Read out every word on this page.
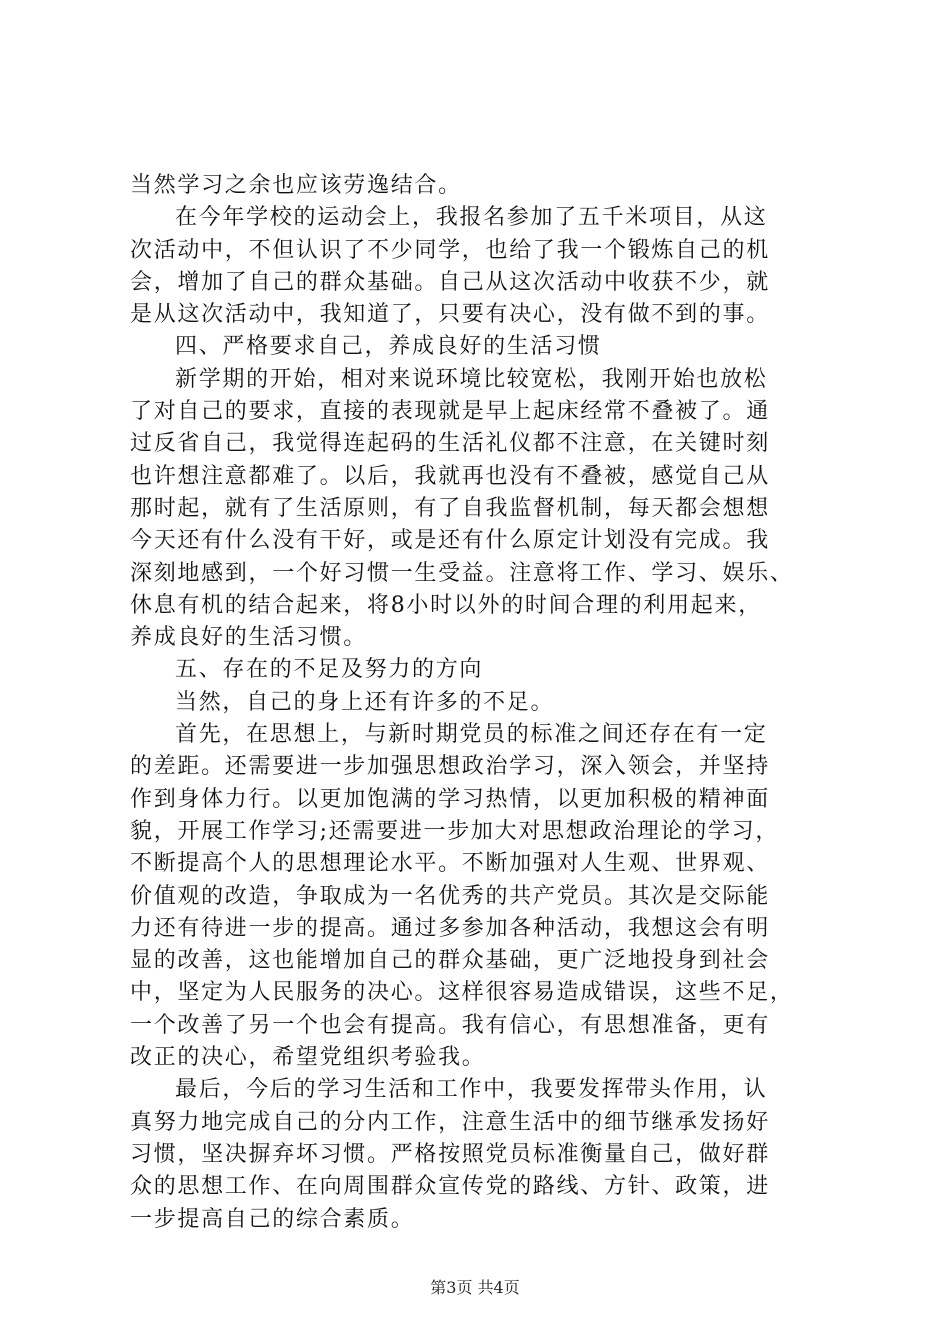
当然学习之余也应该劳逸结合。
在今年学校的运动会上，我报名参加了五千米项目，从这
次活动中，不但认识了不少同学，也给了我一个锻炼自己的机
会，增加了自己的群众基础。自己从这次活动中收获不少，就
是从这次活动中，我知道了，只要有决心，没有做不到的事。
四、严格要求自己，养成良好的生活习惯
新学期的开始，相对来说环境比较宽松，我刚开始也放松
了对自己的要求，直接的表现就是早上起床经常不叠被了。通
过反省自己，我觉得连起码的生活礼仪都不注意，在关键时刻
也许想注意都难了。以后，我就再也没有不叠被，感觉自己从
那时起，就有了生活原则，有了自我监督机制，每天都会想想
今天还有什么没有干好，或是还有什么原定计划没有完成。我
深刻地感到，一个好习惯一生受益。注意将工作、学习、娱乐、
休息有机的结合起来，将8小时以外的时间合理的利用起来，
养成良好的生活习惯。
五、存在的不足及努力的方向
当然，自己的身上还有许多的不足。
首先，在思想上，与新时期党员的标准之间还存在有一定
的差距。还需要进一步加强思想政治学习，深入领会，并坚持
作到身体力行。以更加饱满的学习热情，以更加积极的精神面
貌，开展工作学习;还需要进一步加大对思想政治理论的学习，
不断提高个人的思想理论水平。不断加强对人生观、世界观、
价值观的改造，争取成为一名优秀的共产党员。其次是交际能
力还有待进一步的提高。通过多参加各种活动，我想这会有明
显的改善，这也能增加自己的群众基础，更广泛地投身到社会
中，坚定为人民服务的决心。这样很容易造成错误，这些不足，
一个改善了另一个也会有提高。我有信心，有思想准备，更有
改正的决心，希望党组织考验我。
最后，今后的学习生活和工作中，我要发挥带头作用，认
真努力地完成自己的分内工作，注意生活中的细节继承发扬好
习惯，坚决摒弃坏习惯。严格按照党员标准衡量自己，做好群
众的思想工作、在向周围群众宣传党的路线、方针、政策，进
一步提高自己的综合素质。
第3页 共4页
